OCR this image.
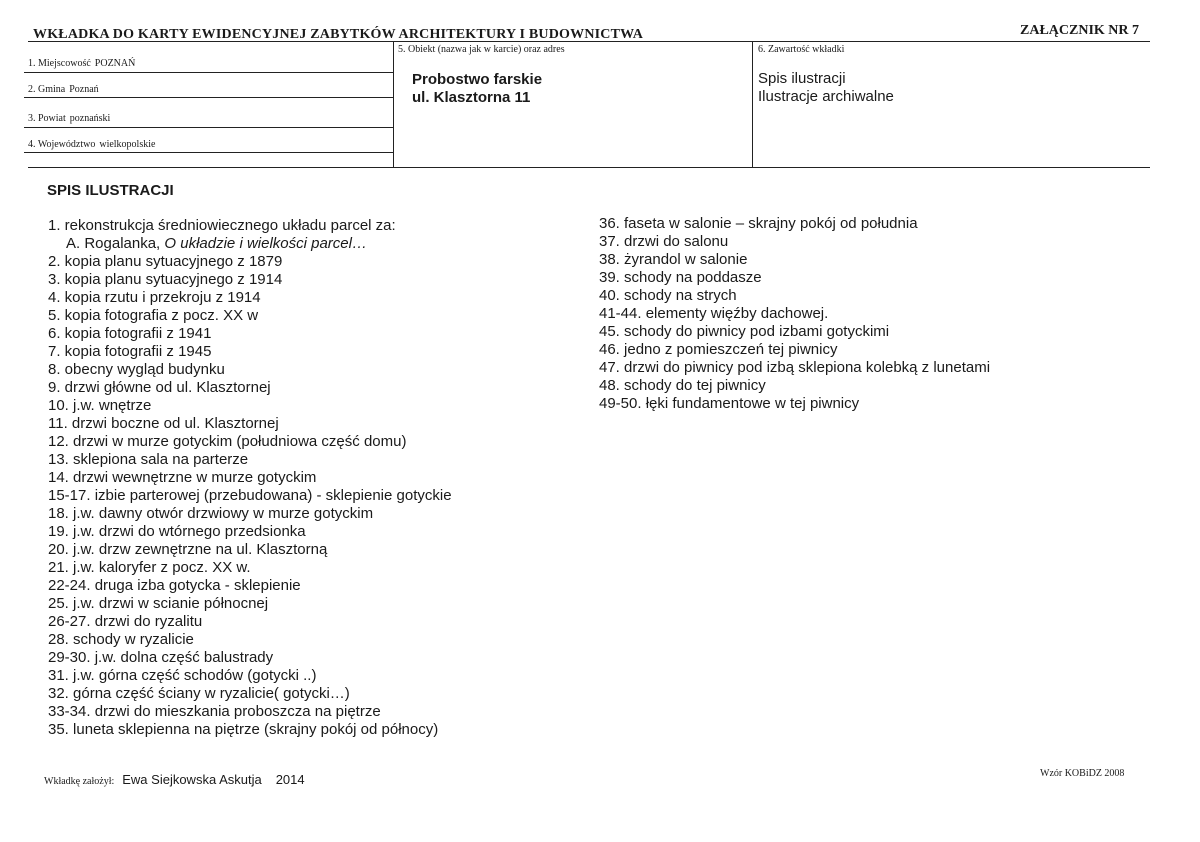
WKŁADKA DO KARTY EWIDENCYJNEJ ZABYTKÓW ARCHITEKTURY I BUDOWNICTWA	ZAŁĄCZNIK NR 7
1. Miejscowość POZNAŃ
2. Gmina Poznań
3. Powiat poznański
4. Województwo wielkopolskie
5. Obiekt (nazwa jak w karcie) oraz adres
Probostwo farskie
ul. Klasztorna 11
6. Zawartość wkładki
Spis ilustracji
Ilustracje archiwalne
SPIS ILUSTRACJI
1. rekonstrukcja średniowiecznego układu parcel za:
A. Rogalanka, O układzie i wielkości parcel…
2. kopia planu sytuacyjnego z 1879
3. kopia planu sytuacyjnego z 1914
4. kopia rzutu i przekroju z 1914
5. kopia fotografia z pocz. XX w
6. kopia fotografii z 1941
7. kopia fotografii z 1945
8. obecny wygląd budynku
9. drzwi główne od ul. Klasztornej
10. j.w. wnętrze
11. drzwi boczne od ul. Klasztornej
12. drzwi w murze gotyckim (południowa część domu)
13. sklepiona sala na parterze
14. drzwi wewnętrzne w murze gotyckim
15-17. izbie parterowej (przebudowana) - sklepienie gotyckie
18. j.w. dawny otwór drzwiowy w murze gotyckim
19. j.w. drzwi do wtórnego przedsionka
20. j.w. drzw zewnętrzne na ul. Klasztorną
21. j.w. kaloryfer z pocz. XX w.
22-24. druga izba gotycka - sklepienie
25. j.w. drzwi w scianie północnej
26-27. drzwi do ryzalitu
28. schody w ryzalicie
29-30. j.w. dolna część balustrady
31. j.w. górna część schodów (gotycki ..)
32. górna część ściany w ryzalicie( gotycki…)
33-34. drzwi do mieszkania proboszcza na piętrze
35. luneta sklepienna na piętrze (skrajny pokój od północy)
36. faseta w salonie – skrajny pokój od południa
37. drzwi do salonu
38. żyrandol w salonie
39. schody na poddasze
40. schody na strych
41-44. elementy więźby dachowej.
45. schody do piwnicy pod izbami gotyckimi
46. jedno z pomieszczeń tej piwnicy
47. drzwi do piwnicy pod izbą sklepiona kolebką z lunetami
48. schody do tej piwnicy
49-50. łęki fundamentowe w tej piwnicy
Wkładkę założył: Ewa Siejkowska Askutja 2014	Wzór KOBiDZ 2008
